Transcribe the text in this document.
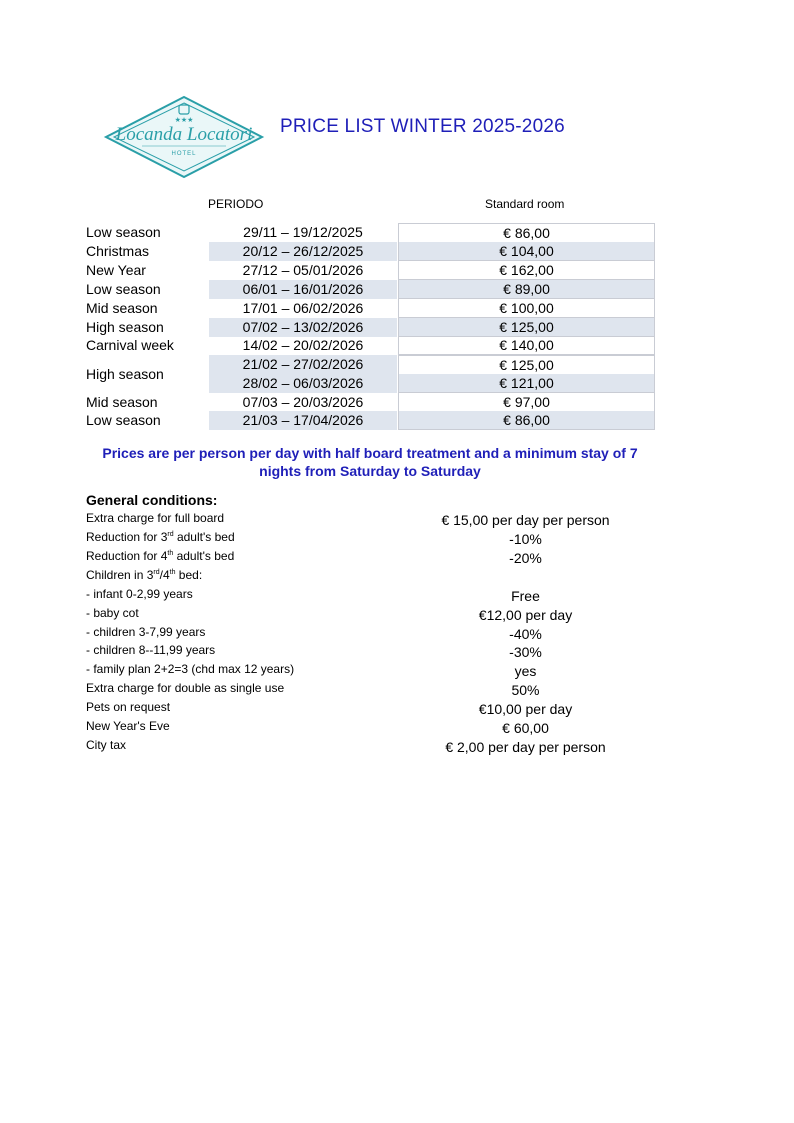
★★★
Locanda Locatori
HOTEL
PRICE LIST WINTER 2025-2026
PERIODO	Standard room
Low season	29/11 – 19/12/2025	€ 86,00
Christmas	20/12 – 26/12/2025	€ 104,00
New Year	27/12 – 05/01/2026	€ 162,00
Low season	06/01 – 16/01/2026	€ 89,00
Mid season	17/01 – 06/02/2026	€ 100,00
High season	07/02 – 13/02/2026	€ 125,00
Carnival week	14/02 – 20/02/2026	€ 140,00
High season
21/02 – 27/02/2026	€ 125,00
28/02 – 06/03/2026	€ 121,00
Mid season	07/03 – 20/03/2026	€ 97,00
Low season	21/03 – 17/04/2026	€ 86,00
Prices are per person per day with half board treatment and a minimum stay of 7 nights from Saturday to Saturday
General conditions:
Extra charge for full board	€ 15,00 per day per person
Reduction for 3rd adult's bed	-10%
Reduction for 4th adult's bed	-20%
Children in 3rd/4th bed:
- infant 0-2,99 years	Free
- baby cot	€12,00 per day
- children 3-7,99 years	-40%
- children 8--11,99 years	-30%
- family plan 2+2=3 (chd max 12 years)	yes
Extra charge for double as single use	50%
Pets on request	€10,00 per day
New Year's Eve	€ 60,00
City tax	€ 2,00 per day per person
